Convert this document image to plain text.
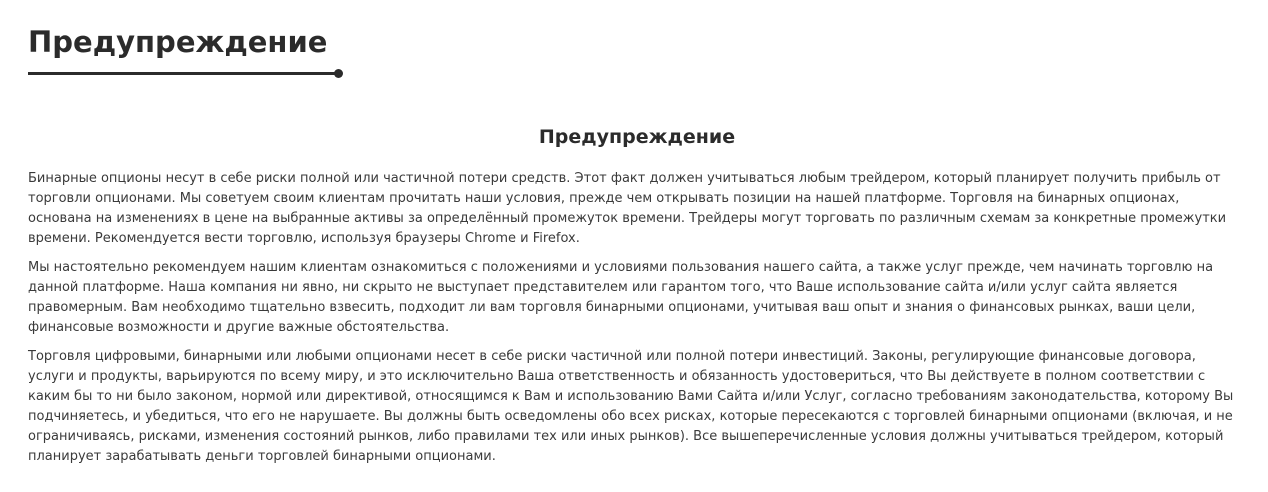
Предупреждение
Предупреждение

Бинарные опционы несут в себе риски полной или частичной потери средств. Этот факт должен учитываться любым трейдером, который планирует получить прибыль от торговли опционами. Мы советуем своим клиентам прочитать наши условия, прежде чем открывать позиции на нашей платформе. Торговля на бинарных опционах, основана на изменениях в цене на выбранные активы за определённый промежуток времени. Трейдеры могут торговать по различным схемам за конкретные промежутки времени. Рекомендуется вести торговлю, используя браузеры Chrome и Firefox.

Мы настоятельно рекомендуем нашим клиентам ознакомиться с положениями и условиями пользования нашего сайта, а также услуг прежде, чем начинать торговлю на данной платформе. Наша компания ни явно, ни скрыто не выступает представителем или гарантом того, что Ваше использование сайта и/или услуг сайта является правомерным. Вам необходимо тщательно взвесить, подходит ли вам торговля бинарными опционами, учитывая ваш опыт и знания о финансовых рынках, ваши цели, финансовые возможности и другие важные обстоятельства.

Торговля цифровыми, бинарными или любыми опционами несет в себе риски частичной или полной потери инвестиций. Законы, регулирующие финансовые договора, услуги и продукты, варьируются по всему миру, и это исключительно Ваша ответственность и обязанность удостовериться, что Вы действуете в полном соответствии с каким бы то ни было законом, нормой или директивой, относящимся к Вам и использованию Вами Сайта и/или Услуг, согласно требованиям законодательства, которому Вы подчиняетесь, и убедиться, что его не нарушаете. Вы должны быть осведомлены обо всех рисках, которые пересекаются с торговлей бинарными опционами (включая, и не ограничиваясь, рисками, изменения состояний рынков, либо правилами тех или иных рынков). Все вышеперечисленные условия должны учитываться трейдером, который планирует зарабатывать деньги торговлей бинарными опционами.
